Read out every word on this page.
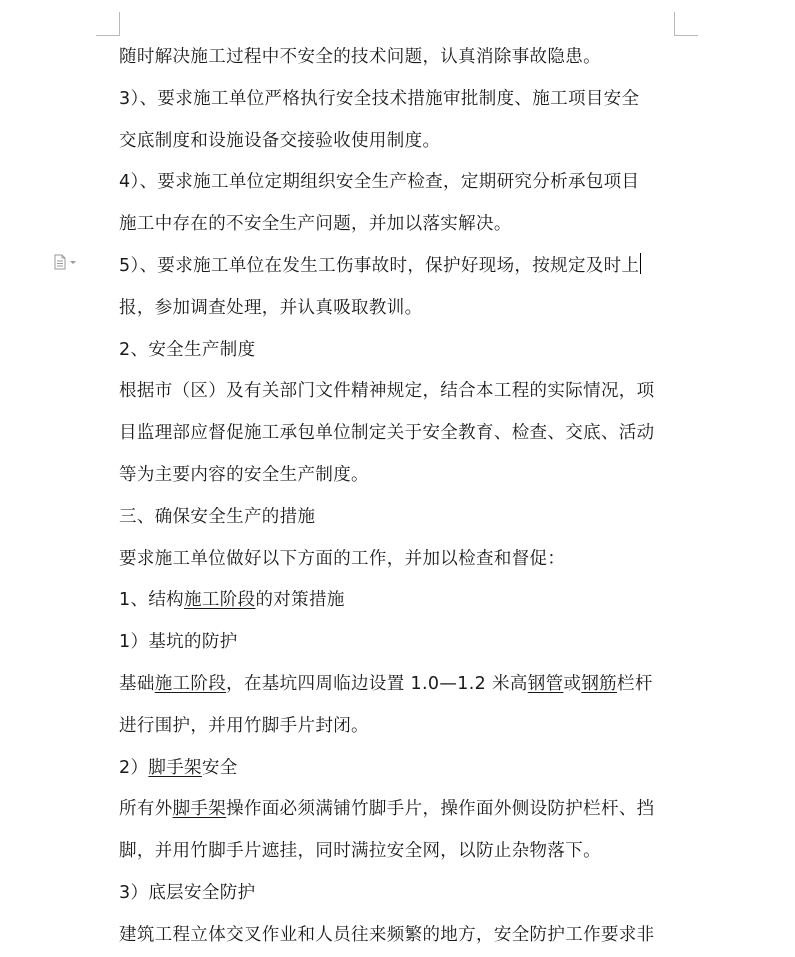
随时解决施工过程中不安全的技术问题，认真消除事故隐患。
3）、要求施工单位严格执行安全技术措施审批制度、施工项目安全
交底制度和设施设备交接验收使用制度。
4）、要求施工单位定期组织安全生产检查，定期研究分析承包项目
施工中存在的不安全生产问题，并加以落实解决。
5）、要求施工单位在发生工伤事故时，保护好现场，按规定及时上
报，参加调查处理，并认真吸取教训。
2、安全生产制度
根据市（区）及有关部门文件精神规定，结合本工程的实际情况，项
目监理部应督促施工承包单位制定关于安全教育、检查、交底、活动
等为主要内容的安全生产制度。
三、确保安全生产的措施
要求施工单位做好以下方面的工作，并加以检查和督促：
1、结构施工阶段的对策措施
1）基坑的防护
基础施工阶段，在基坑四周临边设置 1.0—1.2 米高钢管或钢筋栏杆
进行围护，并用竹脚手片封闭。
2）脚手架安全
所有外脚手架操作面必须满铺竹脚手片，操作面外侧设防护栏杆、挡
脚，并用竹脚手片遮挂，同时满拉安全网，以防止杂物落下。
3）底层安全防护
建筑工程立体交叉作业和人员往来频繁的地方，安全防护工作要求非
